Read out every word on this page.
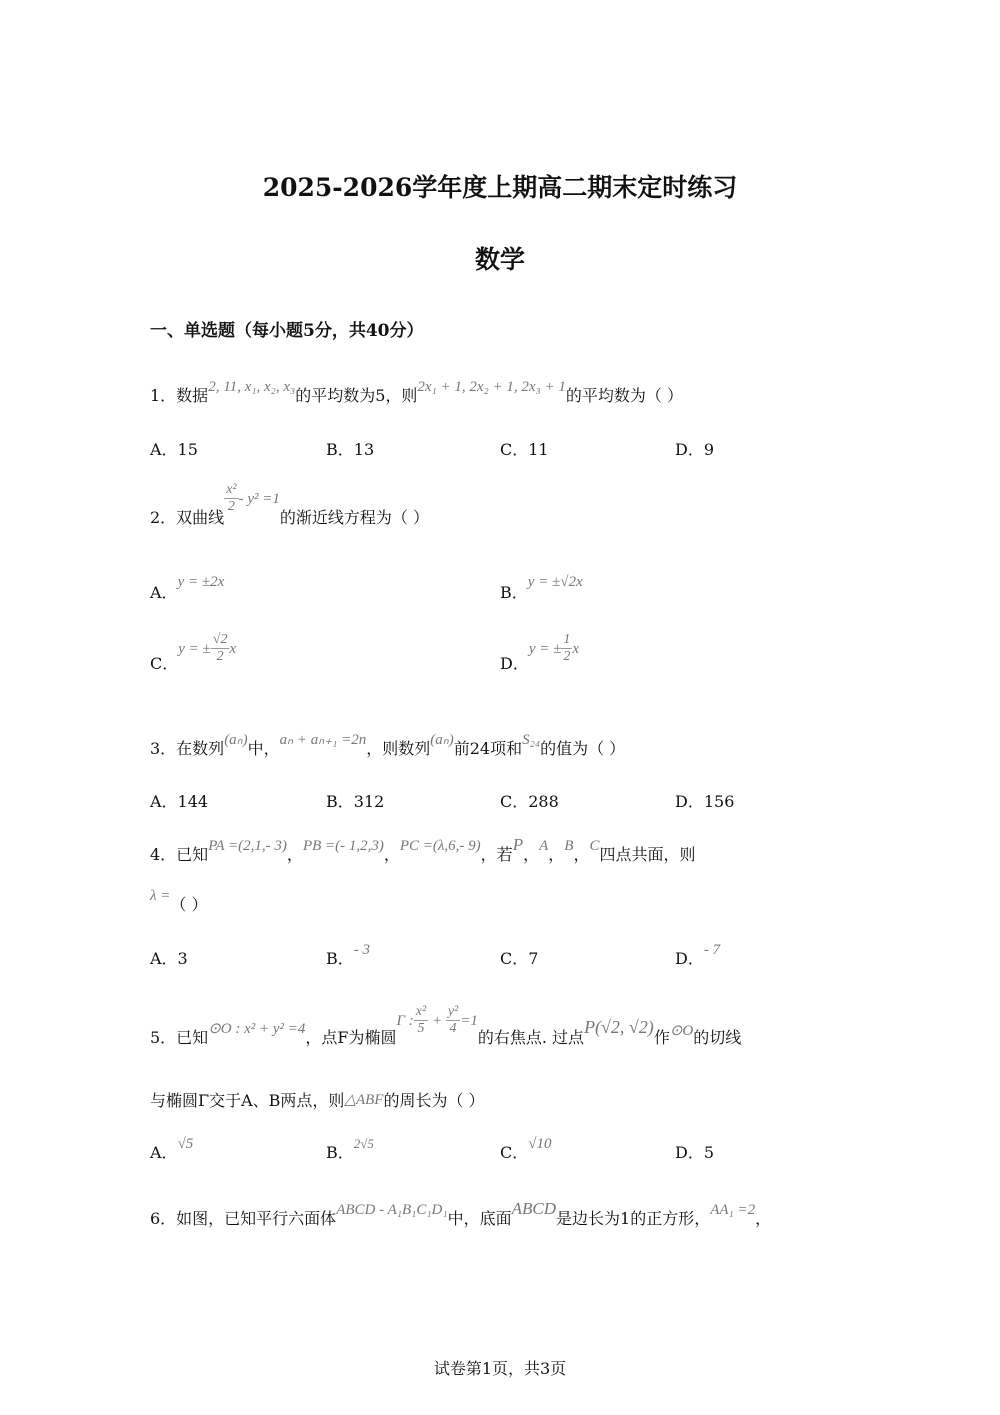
2025-2026学年度上期高二期末定时练习
数学
一、单选题（每小题5分，共40分）
1．数据2, 11, x₁, x₂, x₃的平均数为5，则2x₁ + 1, 2x₂ + 1, 2x₃ + 1的平均数为（ ）
A．15	B．13	C．11	D．9
2．双曲线
$\frac{\text{x²}}{2} - y^2 =1$的渐近线方程为（ ）
A．y = ±2x
B．y = ±√2x
C．y = ± $\frac{√2}{2}$ x
D．y = ± $\frac{1}{2}$ x
3．在数列(aₙ)中，aₙ + aₙ₊₁ =2n，则数列(aₙ)前24项和S₂₄的值为（ ）
A．144	B．312	C．288	D．156
4．已知PA =(2,1,- 3)，PB =(- 1,2,3)，PC =(λ,6,- 9)，若P，A，B，C四点共面，则
λ =（ ）
A．3	B．- 3	C．7	D．- 7
5．已知⊙O : x² + y² =4，点F为椭圆Γ : $\frac{\text{x²}}{5} + \frac{\text{y²}}{4} =1$的右焦点. 过点P(√2, √2)作⊙O的切线
与椭圆Γ交于A、B两点，则△ABF的周长为（ ）
A．√5	B．$^{2√5}$	C．√10	D．5
6．如图，已知平行六面体ABCD - A₁B₁C₁D₁中，底面ABCD是边长为1的正方形，AA₁ =2，
试卷第1页，共3页
